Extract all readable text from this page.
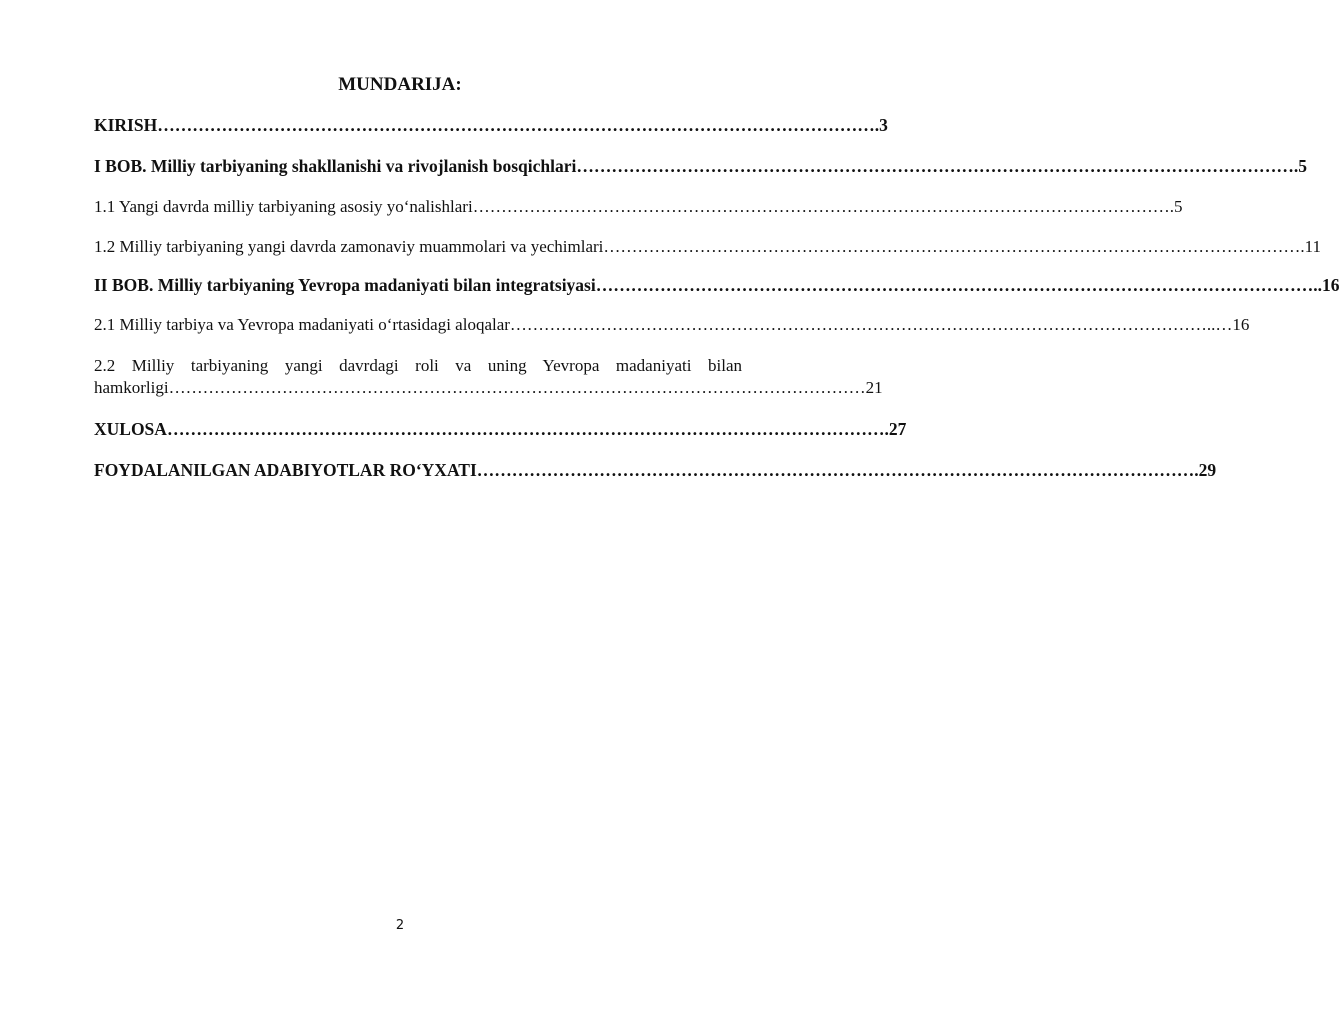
MUNDARIJA:
KIRISH …………………………………………………………………………………………………………… .3
I BOB. Milliy tarbiyaning shakllanishi va rivojlanish bosqichlari …………………………………………………………………………………………………………… .5
1.1 Yangi davrda milliy tarbiyaning asosiy yo‘nalishlari …………………………………………………………………………………………………………… .5
1.2 Milliy tarbiyaning yangi davrda zamonaviy muammolari va yechimlari …………………………………………………………………………………………………………… .11
II BOB. Milliy tarbiyaning Yevropa madaniyati bilan integratsiyasi …………………………………………………………………………………………………………… ..16
2.1 Milliy tarbiya va Yevropa madaniyati o‘rtasidagi aloqalar …………………………………………………………………………………………………………… ..…16
2.2 Milliy tarbiyaning yangi davrdagi roli va uning Yevropa madaniyati bilan
hamkorligi …………………………………………………………………………………………………………… 21
XULOSA …………………………………………………………………………………………………………… .27
FOYDALANILGAN ADABIYOTLAR RO‘YXATI …………………………………………………………………………………………………………… .29
2
